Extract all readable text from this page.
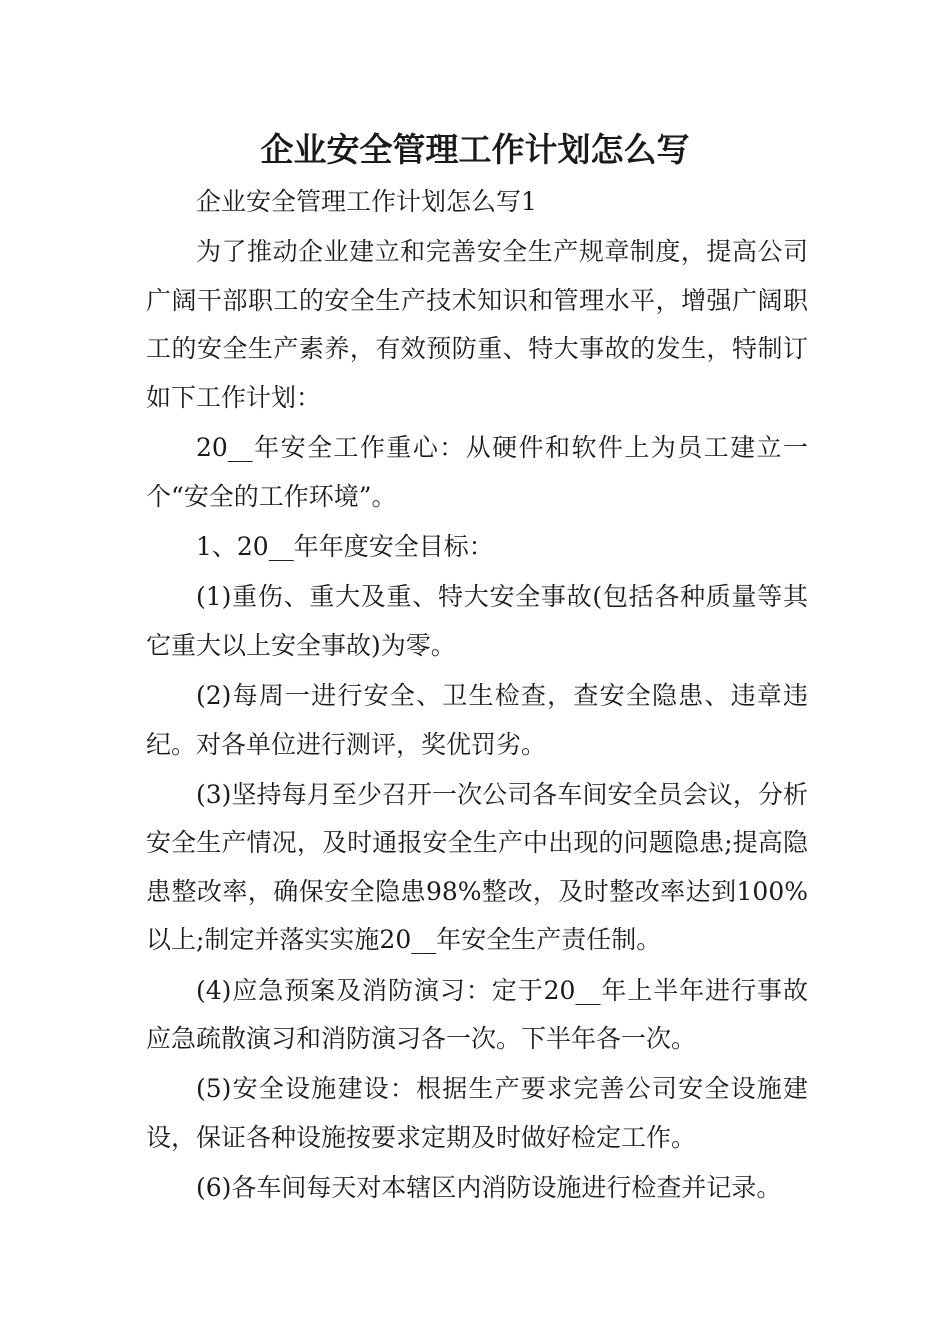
企业安全管理工作计划怎么写

企业安全管理工作计划怎么写1

为了推动企业建立和完善安全生产规章制度，提高公司广阔干部职工的安全生产技术知识和管理水平，增强广阔职工的安全生产素养，有效预防重、特大事故的发生，特制订如下工作计划：

20__年安全工作重心：从硬件和软件上为员工建立一个“安全的工作环境”。

1、20__年年度安全目标：

(1)重伤、重大及重、特大安全事故(包括各种质量等其它重大以上安全事故)为零。

(2)每周一进行安全、卫生检查，查安全隐患、违章违纪。对各单位进行测评，奖优罚劣。

(3)坚持每月至少召开一次公司各车间安全员会议，分析安全生产情况，及时通报安全生产中出现的问题隐患;提高隐患整改率，确保安全隐患98%整改，及时整改率达到100%以上;制定并落实实施20__年安全生产责任制。

(4)应急预案及消防演习：定于20__年上半年进行事故应急疏散演习和消防演习各一次。下半年各一次。

(5)安全设施建设：根据生产要求完善公司安全设施建设，保证各种设施按要求定期及时做好检定工作。

(6)各车间每天对本辖区内消防设施进行检查并记录。
